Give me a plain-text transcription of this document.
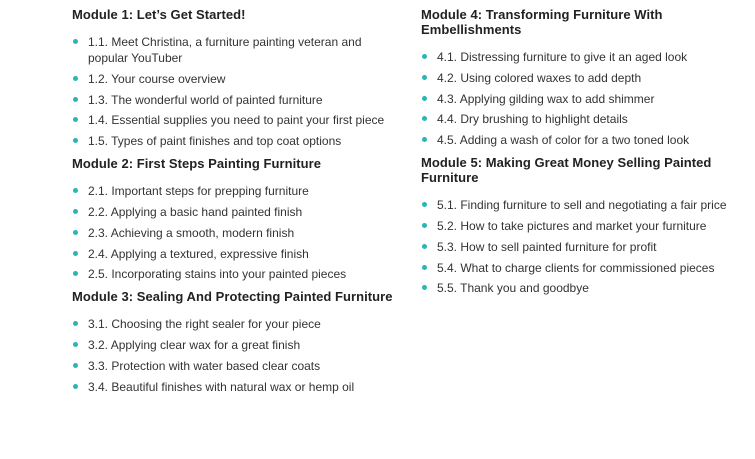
Module 1: Let’s Get Started!
1.1. Meet Christina, a furniture painting veteran and popular YouTuber
1.2. Your course overview
1.3. The wonderful world of painted furniture
1.4. Essential supplies you need to paint your first piece
1.5. Types of paint finishes and top coat options
Module 2: First Steps Painting Furniture
2.1. Important steps for prepping furniture
2.2. Applying a basic hand painted finish
2.3. Achieving a smooth, modern finish
2.4. Applying a textured, expressive finish
2.5. Incorporating stains into your painted pieces
Module 3: Sealing And Protecting Painted Furniture
3.1. Choosing the right sealer for your piece
3.2. Applying clear wax for a great finish
3.3. Protection with water based clear coats
3.4. Beautiful finishes with natural wax or hemp oil
Module 4: Transforming Furniture With Embellishments
4.1. Distressing furniture to give it an aged look
4.2. Using colored waxes to add depth
4.3. Applying gilding wax to add shimmer
4.4. Dry brushing to highlight details
4.5. Adding a wash of color for a two toned look
Module 5: Making Great Money Selling Painted Furniture
5.1. Finding furniture to sell and negotiating a fair price
5.2. How to take pictures and market your furniture
5.3. How to sell painted furniture for profit
5.4. What to charge clients for commissioned pieces
5.5. Thank you and goodbye
